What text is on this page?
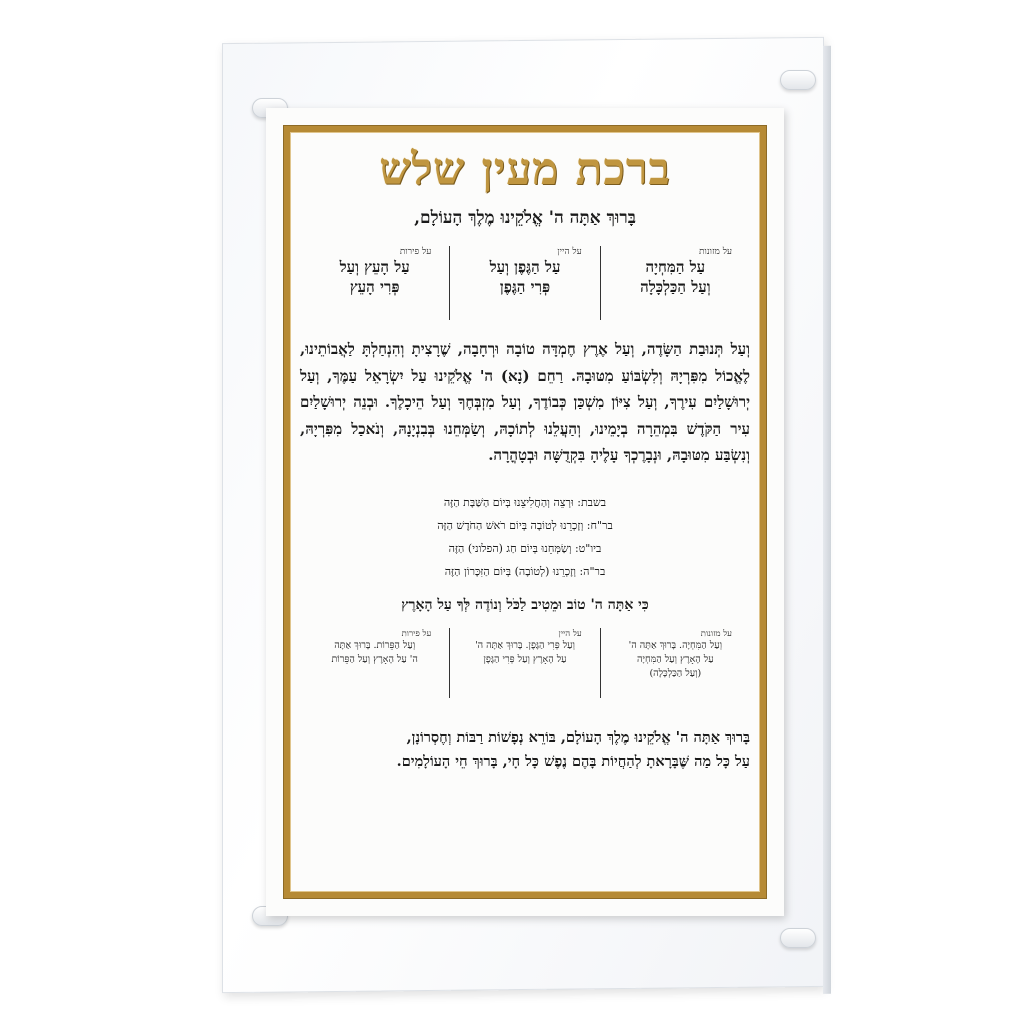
ברכת מעין שלש
בָּרוּךְ אַתָּה ה' אֱלֹקֵינוּ מֶלֶךְ הָעוֹלָם,
על מזונות
עַל הַמִּחְיָה
וְעַל הַכַּלְכָּלָה
על היין
עַל הַגֶּפֶן וְעַל
פְּרִי הַגֶּפֶן
על פירות
עַל הָעֵץ וְעַל
פְּרִי הָעֵץ
וְעַל תְּנוּבַת הַשָּׂדֶה, וְעַל אֶרֶץ חֶמְדָּה טוֹבָה וּרְחָבָה, שֶׁרָצִיתָ וְהִנְחַלְתָּ לַאֲבוֹתֵינוּ, לֶאֱכוֹל מִפִּרְיָהּ וְלִשְׂבּוֹעַ מִטּוּבָהּ. רַחֵם (נָא) ה' אֱלֹקֵינוּ עַל יִשְׂרָאֵל עַמֶּךָ, וְעַל יְרוּשָׁלַיִם עִירֶךָ, וְעַל צִיּוֹן מִשְׁכַּן כְּבוֹדֶךָ, וְעַל מִזְבְּחֶךָ וְעַל הֵיכָלֶךָ. וּבְנֵה יְרוּשָׁלַיִם עִיר הַקֹּדֶשׁ בִּמְהֵרָה בְיָמֵינוּ, וְהַעֲלֵנוּ לְתוֹכָהּ, וְשַׂמְּחֵנוּ בְּבִנְיָנָהּ, וְנֹאכַל מִפִּרְיָהּ, וְנִשְׂבַּע מִטּוּבָהּ, וּנְבָרֶכְךָ עָלֶיהָ בִּקְדֻשָּׁה וּבְטָהֳרָה.
בשבת: וּרְצֵה וְהַחֲלִיצֵנוּ בְּיוֹם הַשַּׁבָּת הַזֶּה
בר"ח: וְזָכְרֵנוּ לְטוֹבָה בְּיוֹם רֹאשׁ הַחֹדֶשׁ הַזֶּה
ביו"ט: וְשַׂמְּחֵנוּ בְּיוֹם חַג (הפלוני) הַזֶּה
בר"ה: וְזָכְרֵנוּ (לְטוֹבָה) בְּיוֹם הַזִּכָּרוֹן הַזֶּה
כִּי אַתָּה ה' טוֹב וּמֵטִיב לַכֹּל וְנוֹדֶה לְּךָ עַל הָאָרֶץ
על מזונות
וְעַל הַמִּחְיָה. בָּרוּךְ אַתָּה ה'
עַל הָאָרֶץ וְעַל הַמִּחְיָה
(וְעַל הַכַּלְכָּלָה)
על היין
וְעַל פְּרִי הַגָּפֶן. בָּרוּךְ אַתָּה ה'
עַל הָאָרֶץ וְעַל פְּרִי הַגָּפֶן
על פירות
וְעַל הַפֵּרוֹת. בָּרוּךְ אַתָּה
ה' עַל הָאָרֶץ וְעַל הַפֵּרוֹת
בָּרוּךְ אַתָּה ה' אֱלֹקֵינוּ מֶלֶךְ הָעוֹלָם, בּוֹרֵא נְפָשׁוֹת רַבּוֹת וְחֶסְרוֹנָן,
עַל כָּל מַה שֶּׁבָּרָאתָ לְהַחֲיוֹת בָּהֶם נֶפֶשׁ כָּל חָי, בָּרוּךְ חֵי הָעוֹלָמִים.
